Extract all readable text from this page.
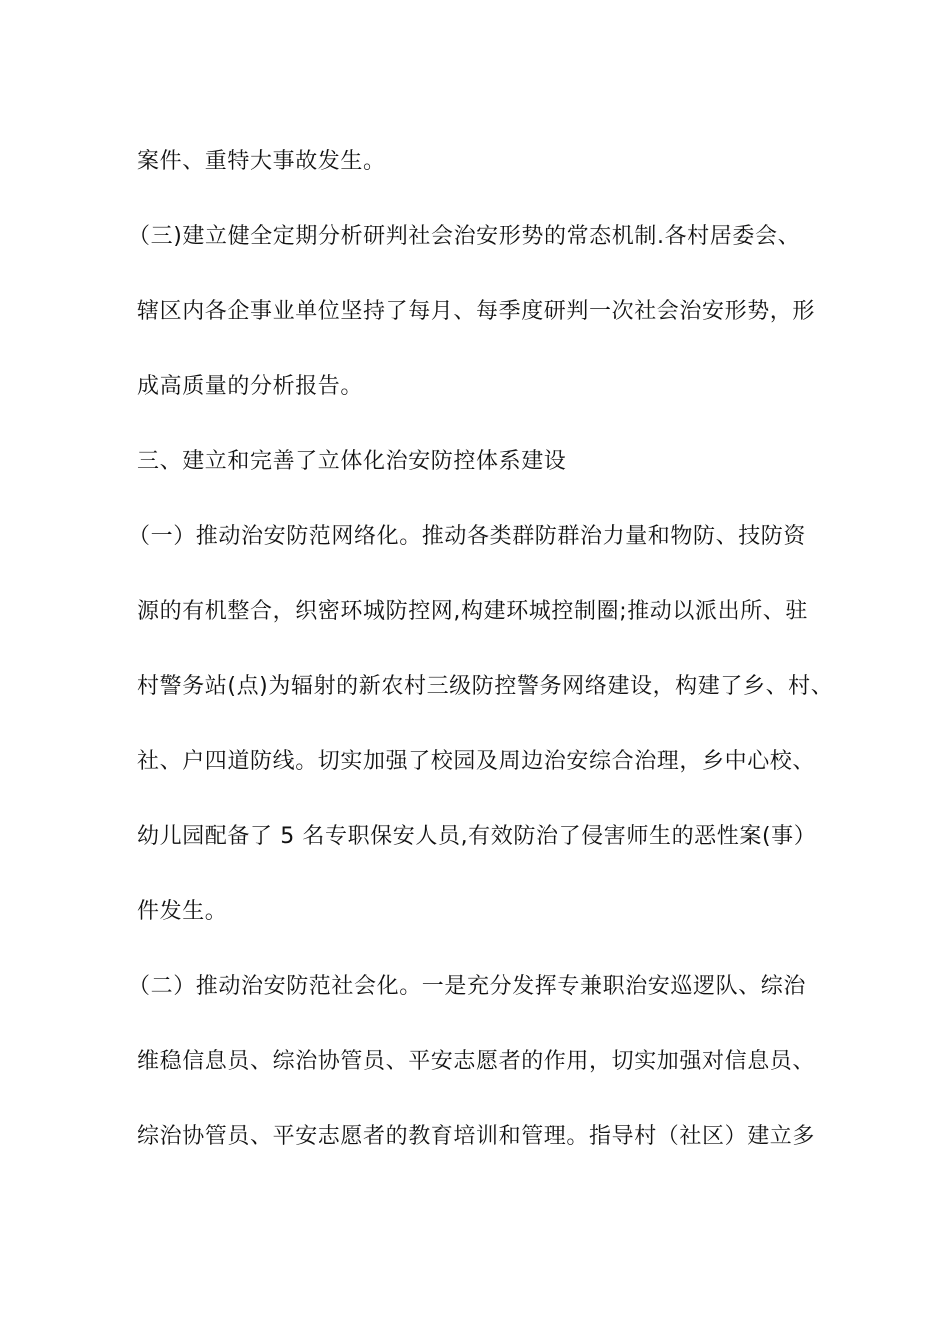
案件、重特大事故发生。
（三)建立健全定期分析研判社会治安形势的常态机制.各村居委会、
辖区内各企事业单位坚持了每月、每季度研判一次社会治安形势，形
成高质量的分析报告。
三、建立和完善了立体化治安防控体系建设
（一）推动治安防范网络化。推动各类群防群治力量和物防、技防资
源的有机整合，织密环城防控网,构建环城控制圈;推动以派出所、驻
村警务站(点)为辐射的新农村三级防控警务网络建设，构建了乡、村、
社、户四道防线。切实加强了校园及周边治安综合治理，乡中心校、
幼儿园配备了 5 名专职保安人员,有效防治了侵害师生的恶性案(事）
件发生。
（二）推动治安防范社会化。一是充分发挥专兼职治安巡逻队、综治
维稳信息员、综治协管员、平安志愿者的作用，切实加强对信息员、
综治协管员、平安志愿者的教育培训和管理。指导村（社区）建立多
